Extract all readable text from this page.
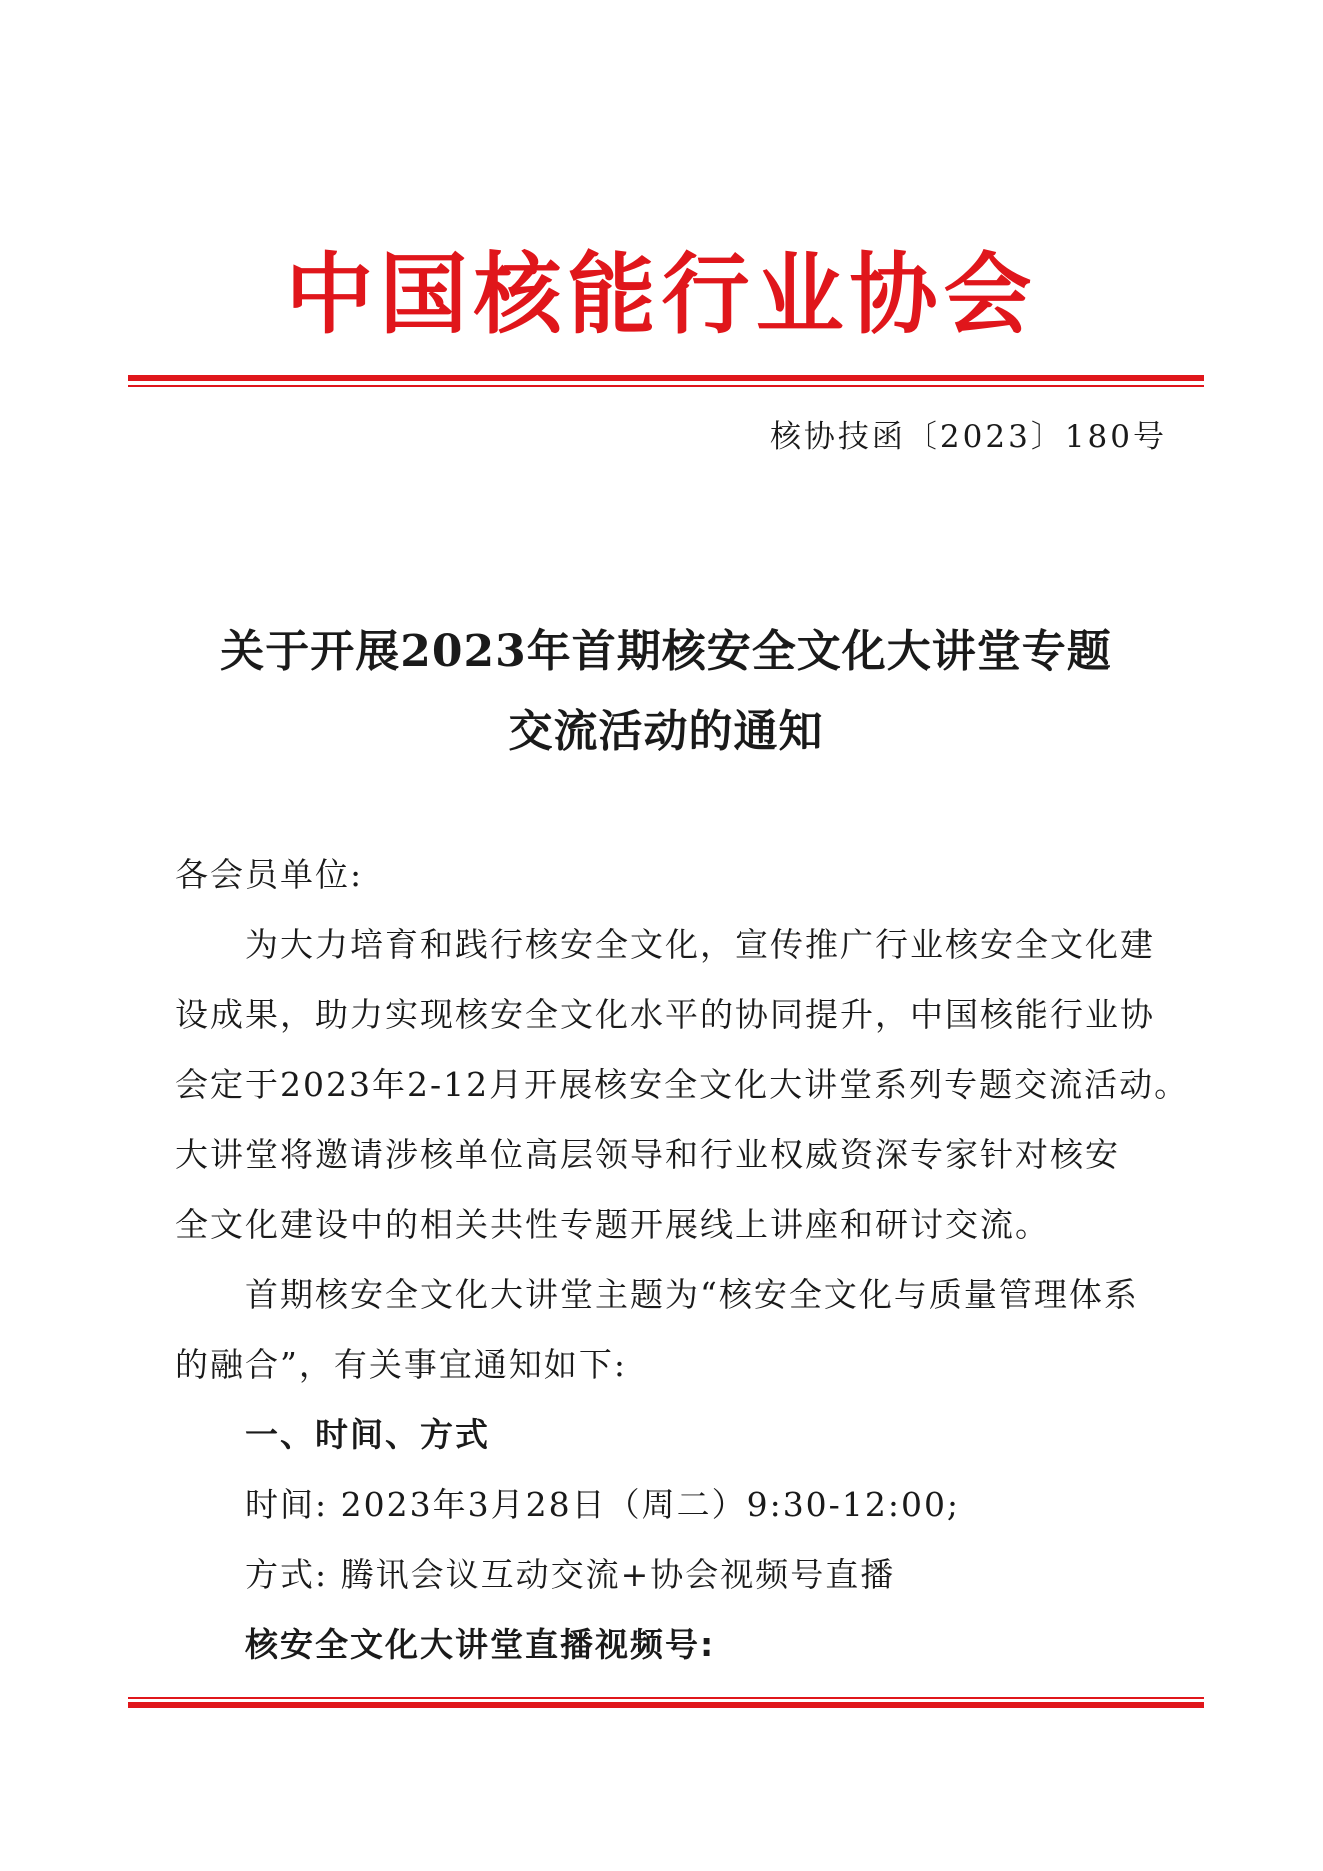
中国核能行业协会
核协技函〔2023〕180号
关于开展2023年首期核安全文化大讲堂专题
交流活动的通知
各会员单位:
为大力培育和践行核安全文化，宣传推广行业核安全文化建
设成果，助力实现核安全文化水平的协同提升，中国核能行业协
会定于2023年2-12月开展核安全文化大讲堂系列专题交流活动。
大讲堂将邀请涉核单位高层领导和行业权威资深专家针对核安
全文化建设中的相关共性专题开展线上讲座和研讨交流。
首期核安全文化大讲堂主题为“核安全文化与质量管理体系
的融合”，有关事宜通知如下:
一、时间、方式
时间: 2023年3月28日（周二）9:30-12:00;
方式: 腾讯会议互动交流+协会视频号直播
核安全文化大讲堂直播视频号:
